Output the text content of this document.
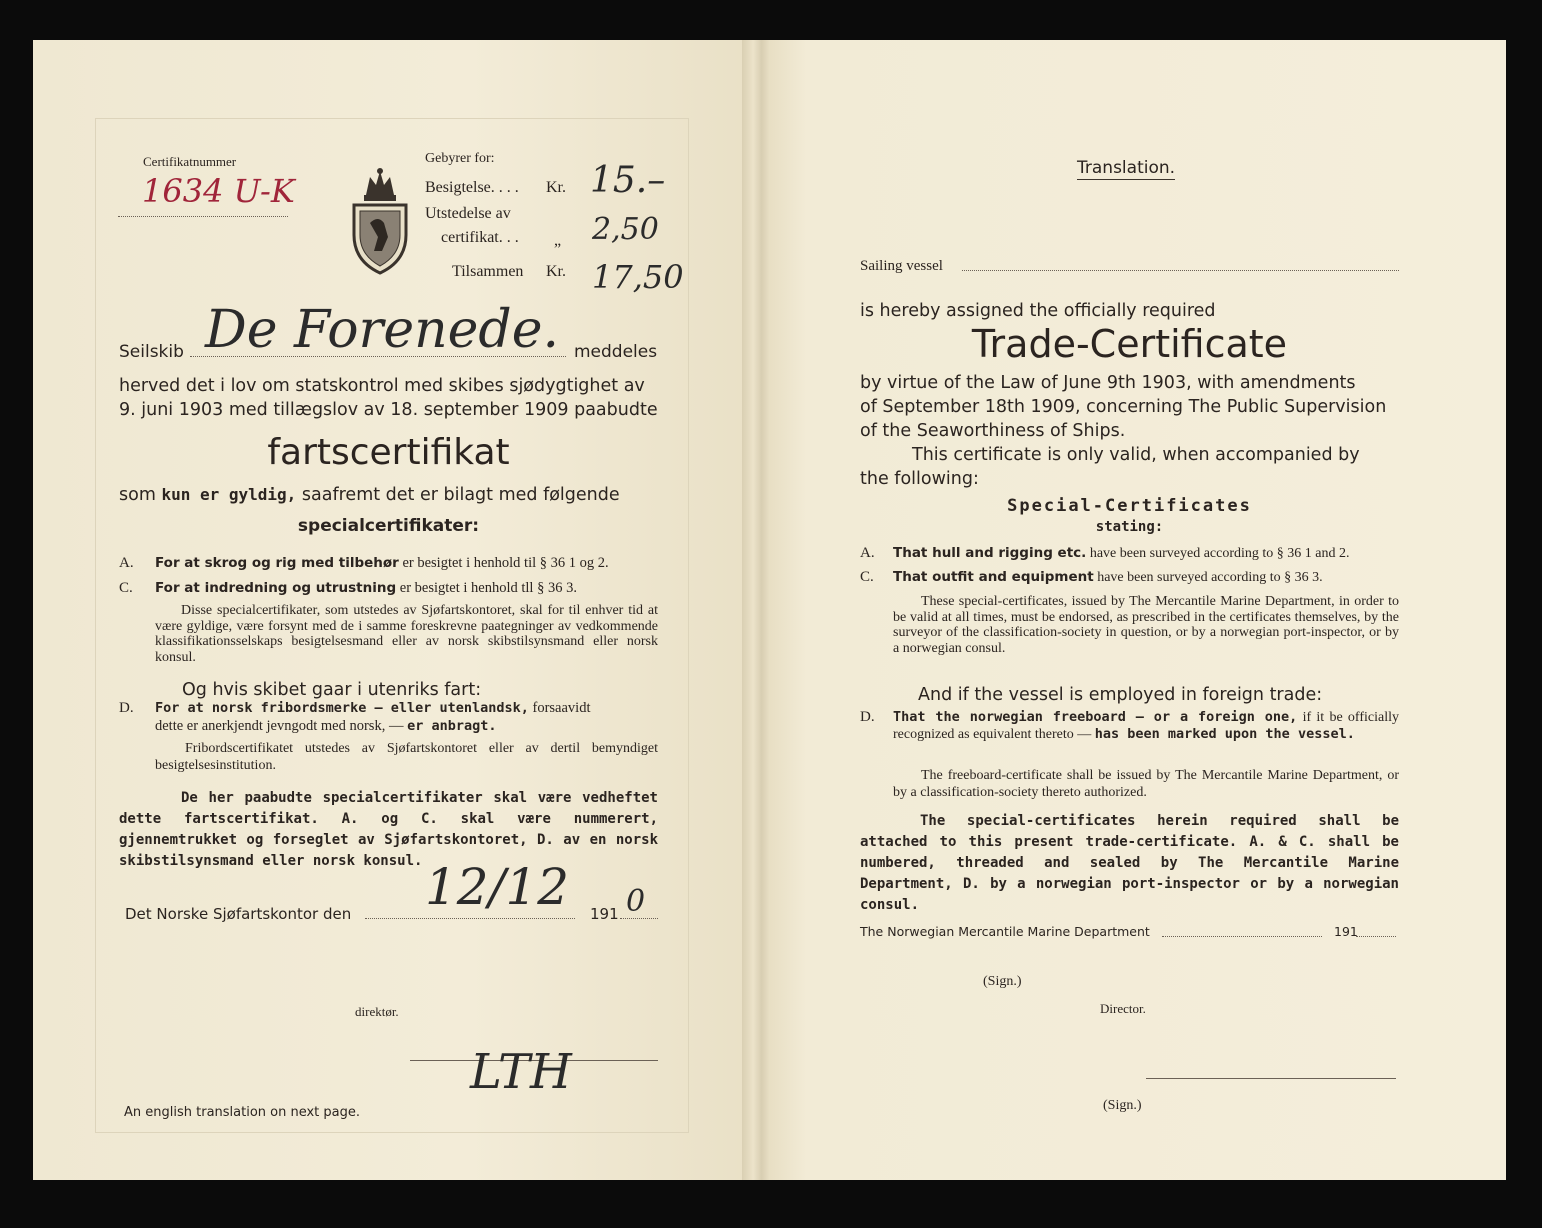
Certifikatnummer
1634 U-K
Gebyrer for:
Besigtelse. . . . Kr. 15.–
Utstedelse av
certifikat. . . „ 2,50
Tilsammen Kr. 17,50
Seilskib De Forenede. meddeles
herved det i lov om statskontrol med skibes sjødygtighet av
9. juni 1903 med tillægslov av 18. september 1909 paabudte
fartscertifikat
som kun er gyldig, saafremt det er bilagt med følgende
specialcertifikater:
A. For at skrog og rig med tilbehør er besigtet i henhold til § 36 1 og 2.
C. For at indredning og utrustning er besigtet i henhold tll § 36 3.
Disse specialcertifikater, som utstedes av Sjøfartskontoret, skal for til enhver tid at være gyldige, være forsynt med de i samme foreskrevne paategninger av vedkommende klassifikationsselskaps besigtelsesmand eller av norsk skibstilsynsmand eller norsk konsul.
Og hvis skibet gaar i utenriks fart:
D. For at norsk fribordsmerke — eller utenlandsk, forsaavidt
dette er anerkjendt jevngodt med norsk, — er anbragt.
Fribordscertifikatet utstedes av Sjøfartskontoret eller av dertil bemyndiget besigtelsesinstitution.
De her paabudte specialcertifikater skal være vedheftet dette fartscertifikat. A. og C. skal være nummerert, gjennemtrukket og forseglet av Sjøfartskontoret, D. av en norsk skibstilsynsmand eller norsk konsul.
Det Norske Sjøfartskontor den 12/12 191 0
direktør.
LTH
An english translation on next page.
Translation.
Sailing vessel
is hereby assigned the officially required
Trade-Certificate
by virtue of the Law of June 9th 1903, with amendments
of September 18th 1909, concerning The Public Supervision
of the Seaworthiness of Ships.
This certificate is only valid, when accompanied by
the following:
Special-Certificates
stating:
A. That hull and rigging etc. have been surveyed according to § 36 1 and 2.
C. That outfit and equipment have been surveyed according to § 36 3.
These special-certificates, issued by The Mercantile Marine Department, in order to be valid at all times, must be endorsed, as prescribed in the certificates themselves, by the surveyor of the classification-society in question, or by a norwegian port-inspector, or by a norwegian consul.
And if the vessel is employed in foreign trade:
D. That the norwegian freeboard — or a foreign one, if it be officially recognized as equivalent thereto — has been marked upon the vessel.
The freeboard-certificate shall be issued by The Mercantile Marine Department, or by a classification-society thereto authorized.
The special-certificates herein required shall be attached to this present trade-certificate. A. & C. shall be numbered, threaded and sealed by The Mercantile Marine Department, D. by a norwegian port-inspector or by a norwegian consul.
The Norwegian Mercantile Marine Department	191
(Sign.)
Director.
(Sign.)
